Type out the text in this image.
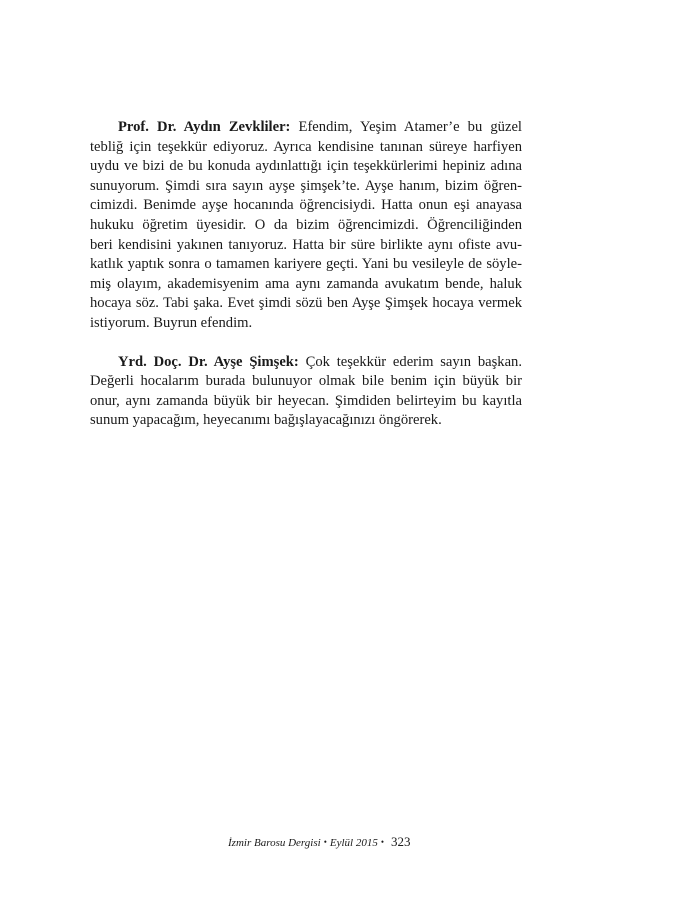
Prof. Dr. Aydın Zevkliler: Efendim, Yeşim Atamer’e bu güzel
tebliğ için teşekkür ediyoruz. Ayrıca kendisine tanınan süreye harfiyen
uydu ve bizi de bu konuda aydınlattığı için teşekkürlerimi hepiniz adına
sunuyorum. Şimdi sıra sayın ayşe şimşek’te. Ayşe hanım, bizim öğren-
cimizdi. Benimde ayşe hocanında öğrencisiydi. Hatta onun eşi anayasa
hukuku öğretim üyesidir. O da bizim öğrencimizdi. Öğrenciliğinden
beri kendisini yakınen tanıyoruz. Hatta bir süre birlikte aynı ofiste avu-
katlık yaptık sonra o tamamen kariyere geçti. Yani bu vesileyle de söyle-
miş olayım, akademisyenim ama aynı zamanda avukatım bende, haluk
hocaya söz. Tabi şaka. Evet şimdi sözü ben Ayşe Şimşek hocaya vermek
istiyorum. Buyrun efendim.
Yrd. Doç. Dr. Ayşe Şimşek: Çok teşekkür ederim sayın başkan.
Değerli hocalarım burada bulunuyor olmak bile benim için büyük bir
onur, aynı zamanda büyük bir heyecan. Şimdiden belirteyim bu kayıtla
sunum yapacağım, heyecanımı bağışlayacağınızı öngörerek.
İzmir Barosu Dergisi • Eylül 2015 • 323
